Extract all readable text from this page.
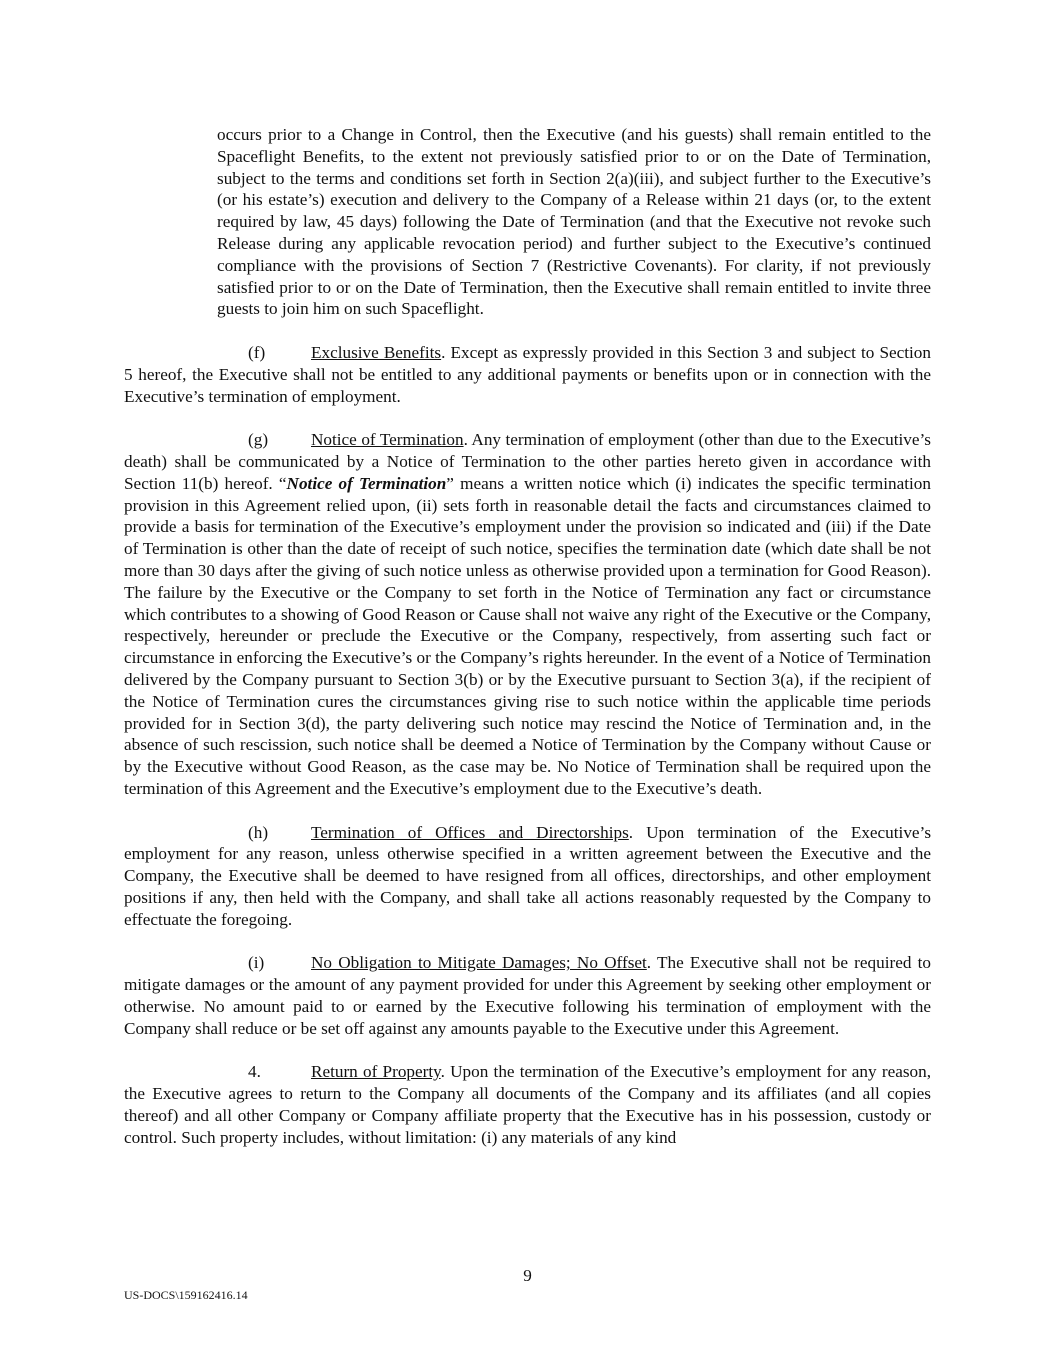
occurs prior to a Change in Control, then the Executive (and his guests) shall remain entitled to the Spaceflight Benefits, to the extent not previously satisfied prior to or on the Date of Termination, subject to the terms and conditions set forth in Section 2(a)(iii), and subject further to the Executive’s (or his estate’s) execution and delivery to the Company of a Release within 21 days (or, to the extent required by law, 45 days) following the Date of Termination (and that the Executive not revoke such Release during any applicable revocation period) and further subject to the Executive’s continued compliance with the provisions of Section 7 (Restrictive Covenants). For clarity, if not previously satisfied prior to or on the Date of Termination, then the Executive shall remain entitled to invite three guests to join him on such Spaceflight.

(f)	Exclusive Benefits. Except as expressly provided in this Section 3 and subject to Section 5 hereof, the Executive shall not be entitled to any additional payments or benefits upon or in connection with the Executive’s termination of employment.

(g) Notice of Termination. Any termination of employment (other than due to the Executive’s death) shall be communicated by a Notice of Termination to the other parties hereto given in accordance with Section 11(b) hereof. “Notice of Termination” means a written notice which (i) indicates the specific termination provision in this Agreement relied upon, (ii) sets forth in reasonable detail the facts and circumstances claimed to provide a basis for termination of the Executive’s employment under the provision so indicated and (iii) if the Date of Termination is other than the date of receipt of such notice, specifies the termination date (which date shall be not more than 30 days after the giving of such notice unless as otherwise provided upon a termination for Good Reason). The failure by the Executive or the Company to set forth in the Notice of Termination any fact or circumstance which contributes to a showing of Good Reason or Cause shall not waive any right of the Executive or the Company, respectively, hereunder or preclude the Executive or the Company, respectively, from asserting such fact or circumstance in enforcing the Executive’s or the Company’s rights hereunder. In the event of a Notice of Termination delivered by the Company pursuant to Section 3(b) or by the Executive pursuant to Section 3(a), if the recipient of the Notice of Termination cures the circumstances giving rise to such notice within the applicable time periods provided for in Section 3(d), the party delivering such notice may rescind the Notice of Termination and, in the absence of such rescission, such notice shall be deemed a Notice of Termination by the Company without Cause or by the Executive without Good Reason, as the case may be. No Notice of Termination shall be required upon the termination of this Agreement and the Executive’s employment due to the Executive’s death.

(h) Termination of Offices and Directorships. Upon termination of the Executive’s employment for any reason, unless otherwise specified in a written agreement between the Executive and the Company, the Executive shall be deemed to have resigned from all offices, directorships, and other employment positions if any, then held with the Company, and shall take all actions reasonably requested by the Company to effectuate the foregoing.

(i)	No Obligation to Mitigate Damages; No Offset. The Executive shall not be required to mitigate damages or the amount of any payment provided for under this Agreement by seeking other employment or otherwise. No amount paid to or earned by the Executive following his termination of employment with the Company shall reduce or be set off against any amounts payable to the Executive under this Agreement.

4.	Return of Property. Upon the termination of the Executive’s employment for any reason, the Executive agrees to return to the Company all documents of the Company and its affiliates (and all copies thereof) and all other Company or Company affiliate property that the Executive has in his possession, custody or control. Such property includes, without limitation: (i) any materials of any kind

9
US-DOCS\159162416.14
